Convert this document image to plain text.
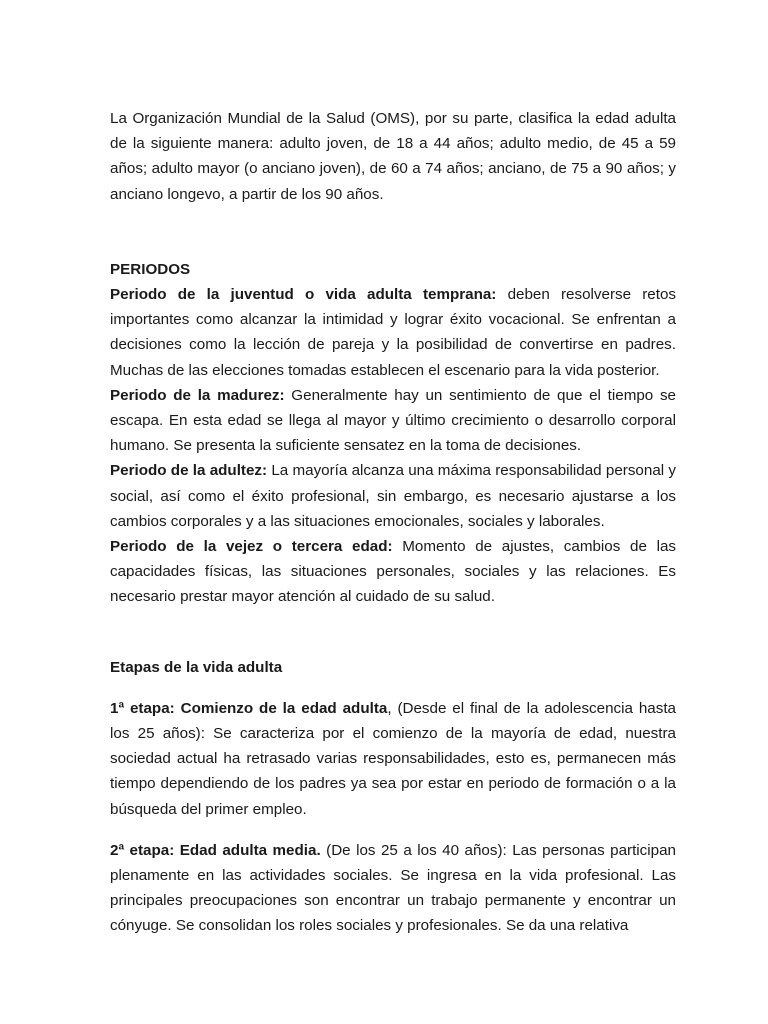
La Organización Mundial de la Salud (OMS), por su parte, clasifica la edad adulta de la siguiente manera: adulto joven, de 18 a 44 años; adulto medio, de 45 a 59 años; adulto mayor (o anciano joven), de 60 a 74 años; anciano, de 75 a 90 años; y anciano longevo, a partir de los 90 años.

PERIODOS

Periodo de la juventud o vida adulta temprana: deben resolverse retos importantes como alcanzar la intimidad y lograr éxito vocacional. Se enfrentan a decisiones como la lección de pareja y la posibilidad de convertirse en padres. Muchas de las elecciones tomadas establecen el escenario para la vida posterior.

Periodo de la madurez: Generalmente hay un sentimiento de que el tiempo se escapa. En esta edad se llega al mayor y último crecimiento o desarrollo corporal humano. Se presenta la suficiente sensatez en la toma de decisiones.

Periodo de la adultez: La mayoría alcanza una máxima responsabilidad personal y social, así como el éxito profesional, sin embargo, es necesario ajustarse a los cambios corporales y a las situaciones emocionales, sociales y laborales.

Periodo de la vejez o tercera edad: Momento de ajustes, cambios de las capacidades físicas, las situaciones personales, sociales y las relaciones. Es necesario prestar mayor atención al cuidado de su salud.

Etapas de la vida adulta

1ª etapa: Comienzo de la edad adulta, (Desde el final de la adolescencia hasta los 25 años): Se caracteriza por el comienzo de la mayoría de edad, nuestra sociedad actual ha retrasado varias responsabilidades, esto es, permanecen más tiempo dependiendo de los padres ya sea por estar en periodo de formación o a la búsqueda del primer empleo.

2ª etapa: Edad adulta media. (De los 25 a los 40 años): Las personas participan plenamente en las actividades sociales. Se ingresa en la vida profesional. Las principales preocupaciones son encontrar un trabajo permanente y encontrar un cónyuge. Se consolidan los roles sociales y profesionales. Se da una relativa
